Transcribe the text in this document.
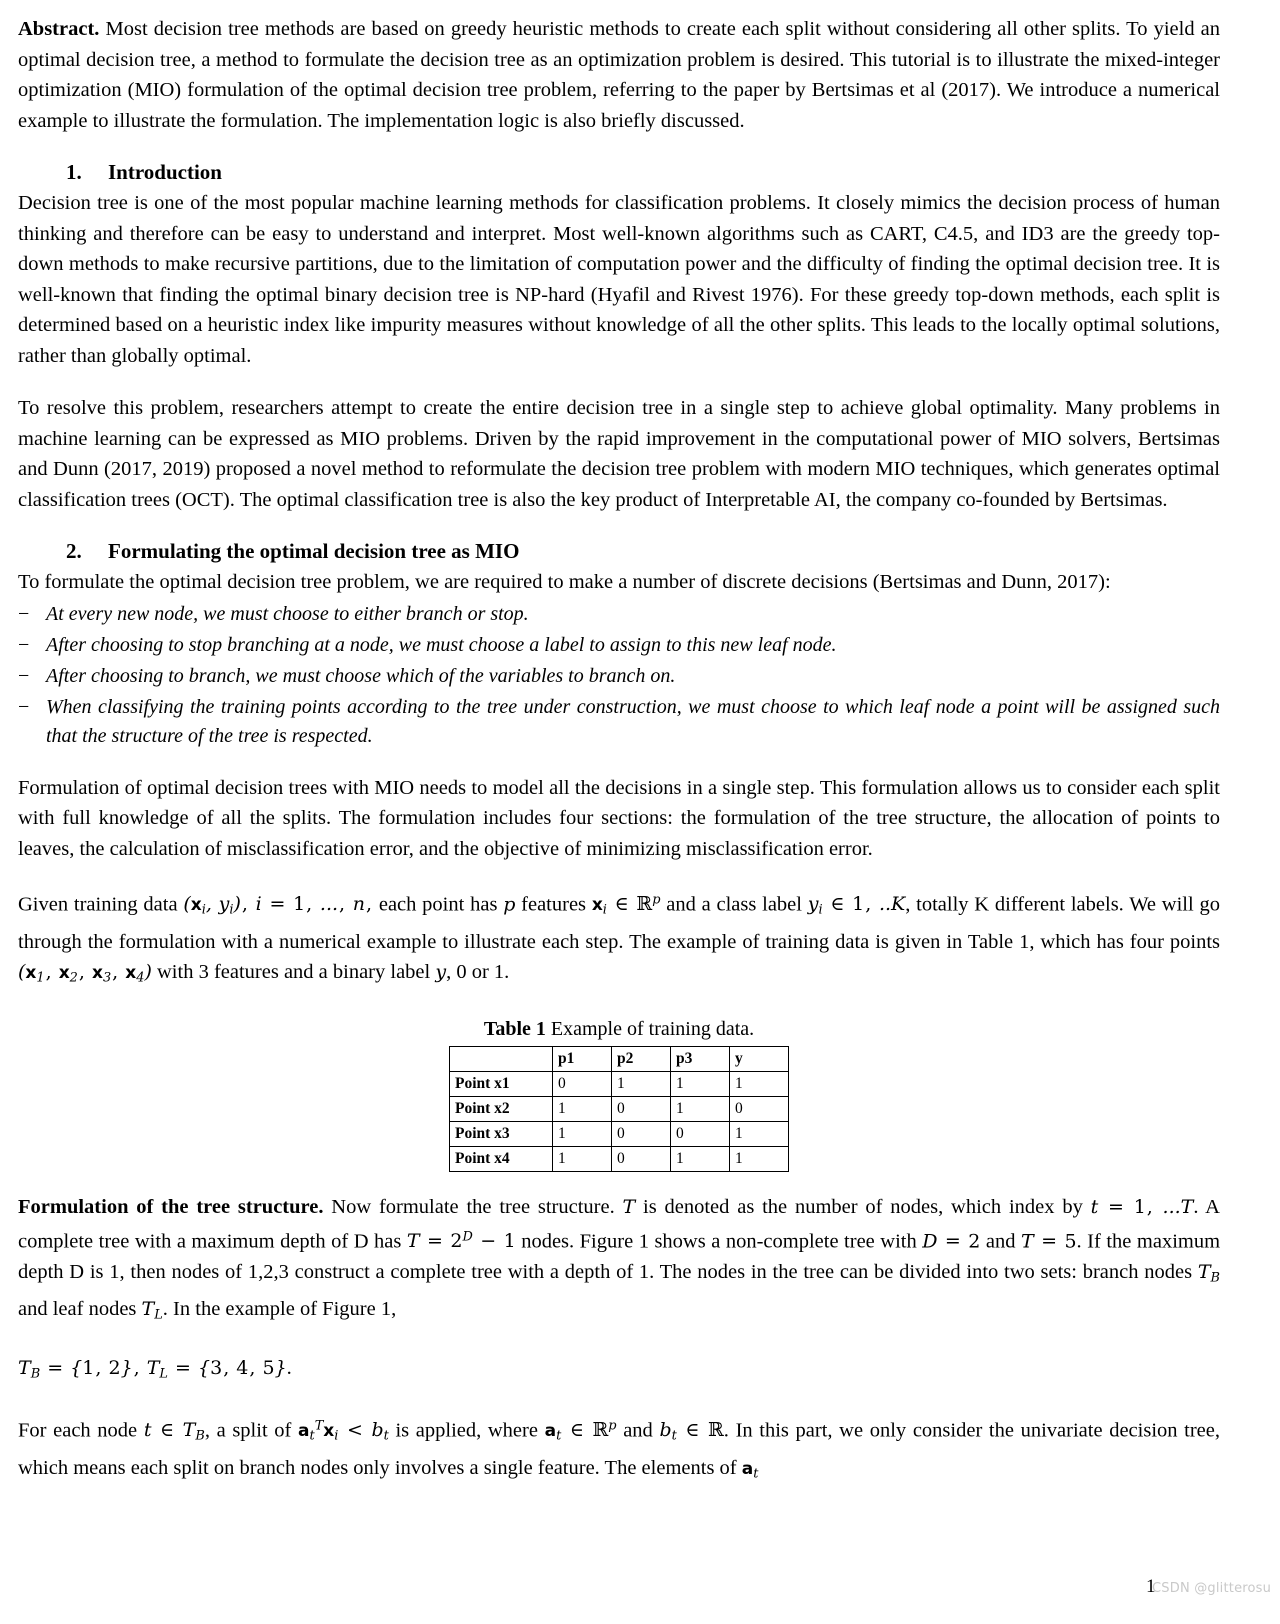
Abstract. Most decision tree methods are based on greedy heuristic methods to create each split without considering all other splits. To yield an optimal decision tree, a method to formulate the decision tree as an optimization problem is desired. This tutorial is to illustrate the mixed-integer optimization (MIO) formulation of the optimal decision tree problem, referring to the paper by Bertsimas et al (2017). We introduce a numerical example to illustrate the formulation. The implementation logic is also briefly discussed.

1. Introduction

Decision tree is one of the most popular machine learning methods for classification problems. It closely mimics the decision process of human thinking and therefore can be easy to understand and interpret. Most well-known algorithms such as CART, C4.5, and ID3 are the greedy top-down methods to make recursive partitions, due to the limitation of computation power and the difficulty of finding the optimal decision tree. It is well-known that finding the optimal binary decision tree is NP-hard (Hyafil and Rivest 1976). For these greedy top-down methods, each split is determined based on a heuristic index like impurity measures without knowledge of all the other splits. This leads to the locally optimal solutions, rather than globally optimal.

To resolve this problem, researchers attempt to create the entire decision tree in a single step to achieve global optimality. Many problems in machine learning can be expressed as MIO problems. Driven by the rapid improvement in the computational power of MIO solvers, Bertsimas and Dunn (2017, 2019) proposed a novel method to reformulate the decision tree problem with modern MIO techniques, which generates optimal classification trees (OCT). The optimal classification tree is also the key product of Interpretable AI, the company co-founded by Bertsimas.

2. Formulating the optimal decision tree as MIO

To formulate the optimal decision tree problem, we are required to make a number of discrete decisions (Bertsimas and Dunn, 2017):

− At every new node, we must choose to either branch or stop.
− After choosing to stop branching at a node, we must choose a label to assign to this new leaf node.
− After choosing to branch, we must choose which of the variables to branch on.
− When classifying the training points according to the tree under construction, we must choose to which leaf node a point will be assigned such that the structure of the tree is respected.

Formulation of optimal decision trees with MIO needs to model all the decisions in a single step. This formulation allows us to consider each split with full knowledge of all the splits. The formulation includes four sections: the formulation of the tree structure, the allocation of points to leaves, the calculation of misclassification error, and the objective of minimizing misclassification error.

Given training data ($x_i$, $y_i$), i = 1, ..., n, each point has p features $x_i$ ∈ ℝ$^p$ and a class label $y_i$ ∈ 1, ..K, totally K different labels. We will go through the formulation with a numerical example to illustrate each step. The example of training data is given in Table 1, which has four points ($x_1$, $x_2$, $x_3$, $x_4$) with 3 features and a binary label y, 0 or 1.

Table 1 Example of training data.
	p1	p2	p3	y
Point x1	0	1	1	1
Point x2	1	0	1	0
Point x3	1	0	0	1
Point x4	1	0	1	1

Formulation of the tree structure. Now formulate the tree structure. T is denoted as the number of nodes, which index by t = 1, ...T. A complete tree with a maximum depth of D has $T = 2^D - 1$ nodes. Figure 1 shows a non-complete tree with D = 2 and T = 5. If the maximum depth D is 1, then nodes of 1,2,3 construct a complete tree with a depth of 1. The nodes in the tree can be divided into two sets: branch nodes $T_B$ and leaf nodes $T_L$. In the example of Figure 1,

$T_B = \{1$, 2}, $T_L = \{3$, 4, 5}.

For each node t ∈ $T_B$, a split of $a_t^Tx_i < b_t$ is applied, where $a_t$ ∈ ℝ$^p$ and $b_t$ ∈ ℝ. In this part, we only consider the univariate decision tree, which means each split on branch nodes only involves a single feature. The elements of $a_t$

1
CSDN @glitterosu
